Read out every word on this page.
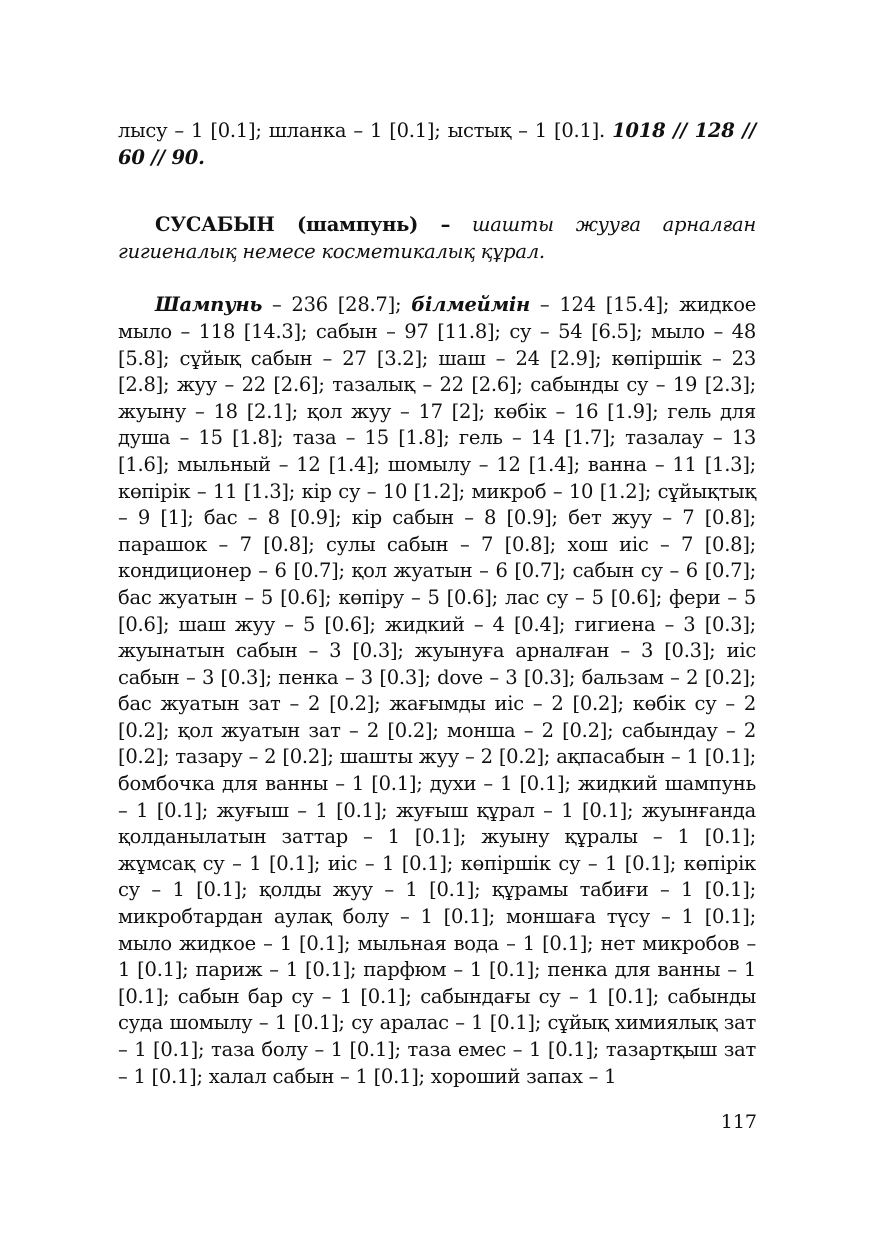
лысу – 1 [0.1]; шланка – 1 [0.1]; ыстық – 1 [0.1]. 1018 // 128 // 60 // 90.

СУСАБЫН (шампунь) – шашты жууға арналған гигиеналық немесе косметикалық құрал.

Шампунь – 236 [28.7]; білмеймін – 124 [15.4]; жидкое мыло – 118 [14.3]; сабын – 97 [11.8]; су – 54 [6.5]; мыло – 48 [5.8]; сұйық сабын – 27 [3.2]; шаш – 24 [2.9]; көпіршік – 23 [2.8]; жуу – 22 [2.6]; тазалық – 22 [2.6]; сабынды су – 19 [2.3]; жуыну – 18 [2.1]; қол жуу – 17 [2]; көбік – 16 [1.9]; гель для душа – 15 [1.8]; таза – 15 [1.8]; гель – 14 [1.7]; тазалау – 13 [1.6]; мыльный – 12 [1.4]; шомылу – 12 [1.4]; ванна – 11 [1.3]; көпірік – 11 [1.3]; кір су – 10 [1.2]; микроб – 10 [1.2]; сұйықтық – 9 [1]; бас – 8 [0.9]; кір сабын – 8 [0.9]; бет жуу – 7 [0.8]; парашок – 7 [0.8]; сулы сабын – 7 [0.8]; хош иіс – 7 [0.8]; кондиционер – 6 [0.7]; қол жуатын – 6 [0.7]; сабын су – 6 [0.7]; бас жуатын – 5 [0.6]; көпіру – 5 [0.6]; лас су – 5 [0.6]; фери – 5 [0.6]; шаш жуу – 5 [0.6]; жидкий – 4 [0.4]; гигиена – 3 [0.3]; жуынатын сабын – 3 [0.3]; жуынуға арналған – 3 [0.3]; иіс сабын – 3 [0.3]; пенка – 3 [0.3]; dove – 3 [0.3]; бальзам – 2 [0.2]; бас жуатын зат – 2 [0.2]; жағымды иіс – 2 [0.2]; көбік су – 2 [0.2]; қол жуатын зат – 2 [0.2]; монша – 2 [0.2]; сабындау – 2 [0.2]; тазару – 2 [0.2]; шашты жуу – 2 [0.2]; ақпасабын – 1 [0.1]; бомбочка для ванны – 1 [0.1]; духи – 1 [0.1]; жидкий шампунь – 1 [0.1]; жуғыш – 1 [0.1]; жуғыш құрал – 1 [0.1]; жуынғанда қолданылатын заттар – 1 [0.1]; жуыну құралы – 1 [0.1]; жұмсақ су – 1 [0.1]; иіс – 1 [0.1]; көпіршік су – 1 [0.1]; көпірік су – 1 [0.1]; қолды жуу – 1 [0.1]; құрамы табиғи – 1 [0.1]; микробтардан аулақ болу – 1 [0.1]; моншаға түсу – 1 [0.1]; мыло жидкое – 1 [0.1]; мыльная вода – 1 [0.1]; нет микробов – 1 [0.1]; париж – 1 [0.1]; парфюм – 1 [0.1]; пенка для ванны – 1 [0.1]; сабын бар су – 1 [0.1]; сабындағы су – 1 [0.1]; сабынды суда шомылу – 1 [0.1]; су аралас – 1 [0.1]; сұйық химиялық зат – 1 [0.1]; таза болу – 1 [0.1]; таза емес – 1 [0.1]; тазартқыш зат – 1 [0.1]; халал сабын – 1 [0.1]; хороший запах – 1

117
